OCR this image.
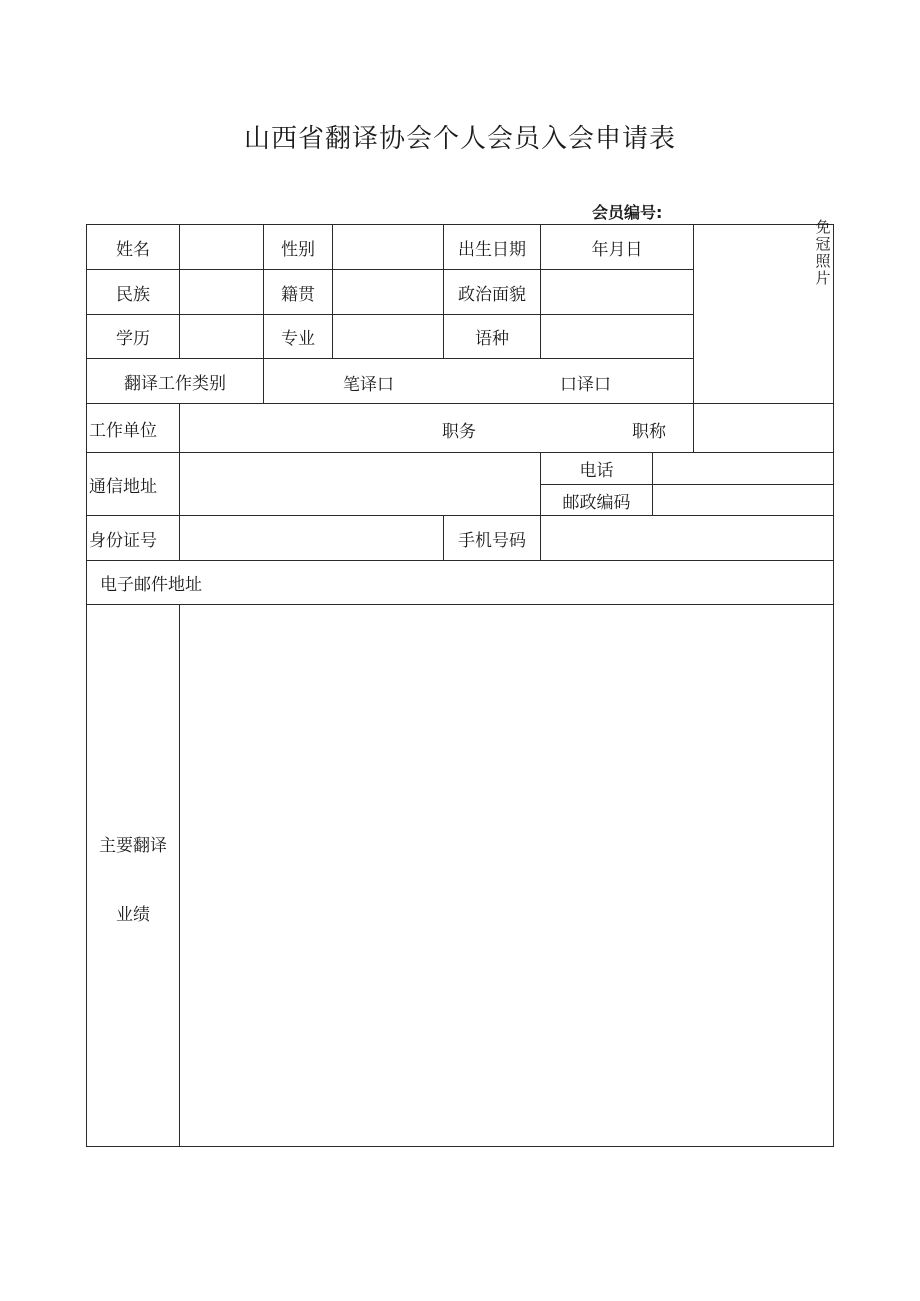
山西省翻译协会个人会员入会申请表
会员编号:
姓名	性别	出生日期	年月日
免冠照片
民族	籍贯	政治面貌
学历	专业	语种
翻译工作类别	笔译口	口译口
工作单位	职务	职称
通信地址
电话
邮政编码
身份证号	手机号码
电子邮件地址
主要翻译
业绩
